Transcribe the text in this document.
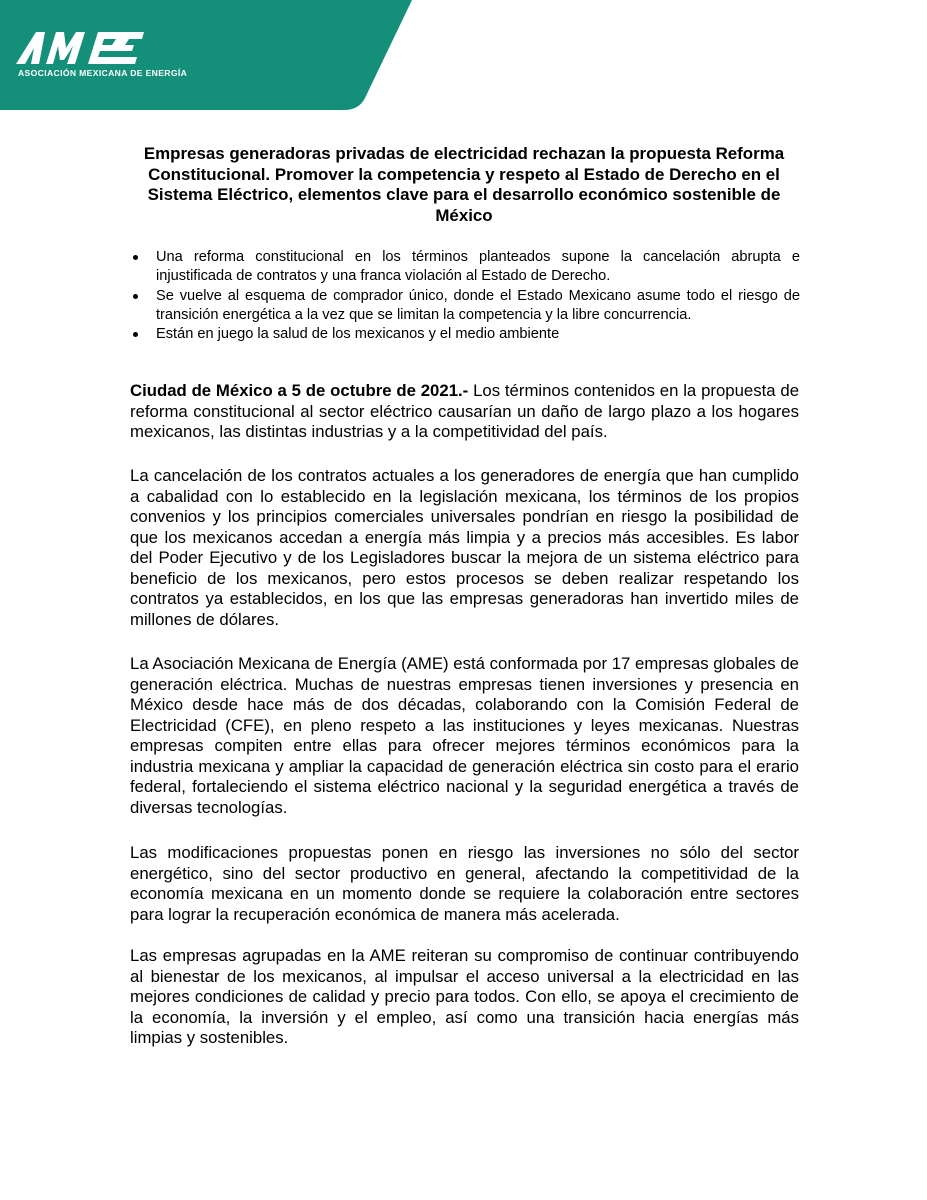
ASOCIACIÓN MEXICANA DE ENERGÍA
Empresas generadoras privadas de electricidad rechazan la propuesta Reforma Constitucional. Promover la competencia y respeto al Estado de Derecho en el Sistema Eléctrico, elementos clave para el desarrollo económico sostenible de México
Una reforma constitucional en los términos planteados supone la cancelación abrupta e injustificada de contratos y una franca violación al Estado de Derecho.
Se vuelve al esquema de comprador único, donde el Estado Mexicano asume todo el riesgo de transición energética a la vez que se limitan la competencia y la libre concurrencia.
Están en juego la salud de los mexicanos y el medio ambiente

Ciudad de México a 5 de octubre de 2021.- Los términos contenidos en la propuesta de reforma constitucional al sector eléctrico causarían un daño de largo plazo a los hogares mexicanos, las distintas industrias y a la competitividad del país.

La cancelación de los contratos actuales a los generadores de energía que han cumplido a cabalidad con lo establecido en la legislación mexicana, los términos de los propios convenios y los principios comerciales universales pondrían en riesgo la posibilidad de que los mexicanos accedan a energía más limpia y a precios más accesibles. Es labor del Poder Ejecutivo y de los Legisladores buscar la mejora de un sistema eléctrico para beneficio de los mexicanos, pero estos procesos se deben realizar respetando los contratos ya establecidos, en los que las empresas generadoras han invertido miles de millones de dólares.

La Asociación Mexicana de Energía (AME) está conformada por 17 empresas globales de generación eléctrica. Muchas de nuestras empresas tienen inversiones y presencia en México desde hace más de dos décadas, colaborando con la Comisión Federal de Electricidad (CFE), en pleno respeto a las instituciones y leyes mexicanas. Nuestras empresas compiten entre ellas para ofrecer mejores términos económicos para la industria mexicana y ampliar la capacidad de generación eléctrica sin costo para el erario federal, fortaleciendo el sistema eléctrico nacional y la seguridad energética a través de diversas tecnologías.

Las modificaciones propuestas ponen en riesgo las inversiones no sólo del sector energético, sino del sector productivo en general, afectando la competitividad de la economía mexicana en un momento donde se requiere la colaboración entre sectores para lograr la recuperación económica de manera más acelerada.

Las empresas agrupadas en la AME reiteran su compromiso de continuar contribuyendo al bienestar de los mexicanos, al impulsar el acceso universal a la electricidad en las mejores condiciones de calidad y precio para todos. Con ello, se apoya el crecimiento de la economía, la inversión y el empleo, así como una transición hacia energías más limpias y sostenibles.
